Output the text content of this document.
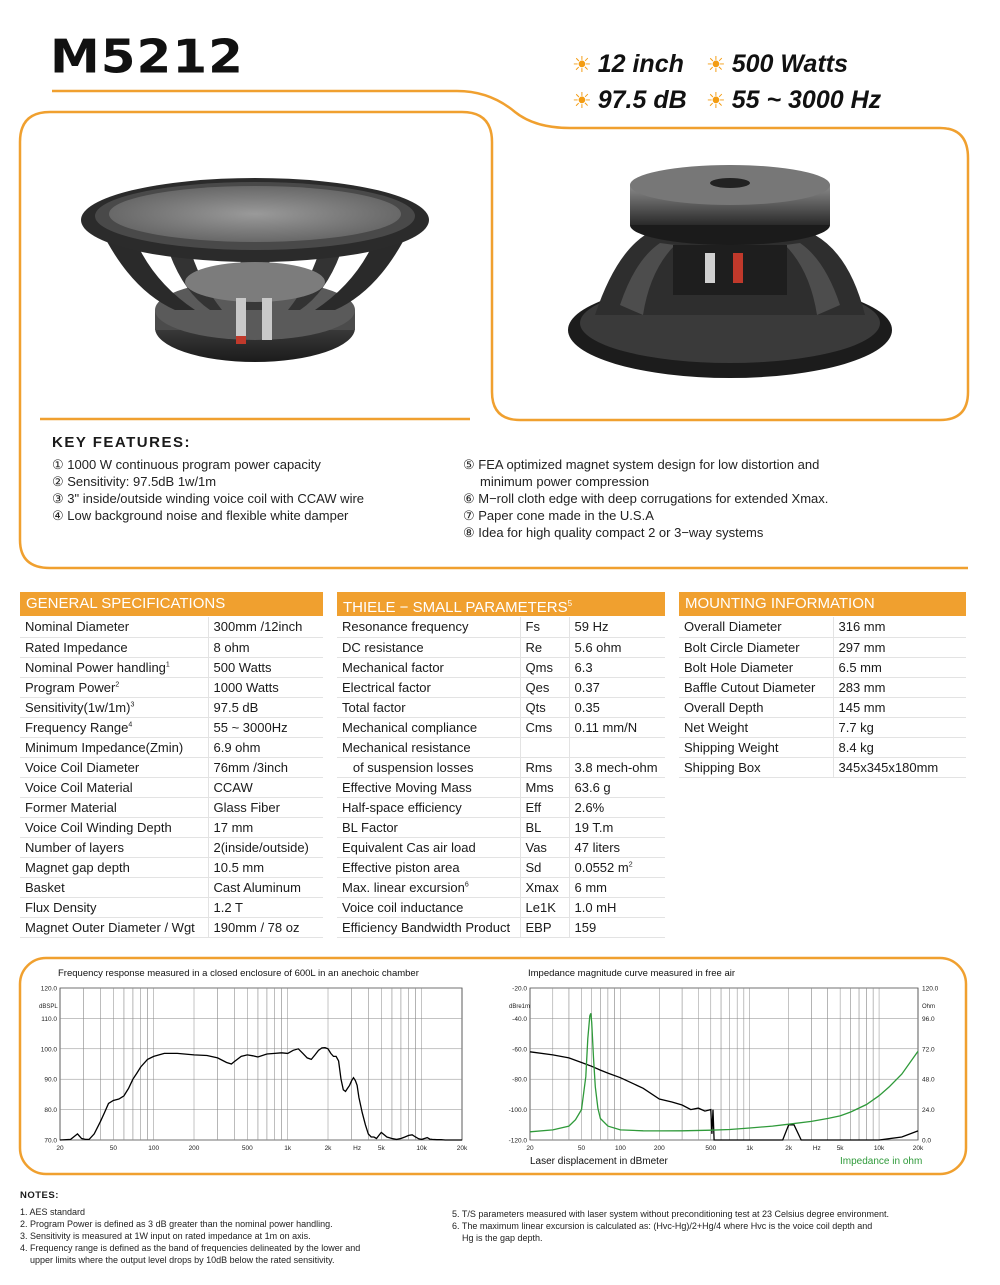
M5212	☀ 12 inch ☀ 500 Watts
☀ 97.5 dB ☀ 55 ~ 3000 Hz
KEY FEATURES:
① 1000 W continuous program power capacity
② Sensitivity: 97.5dB 1w/1m
③ 3" inside/outside winding voice coil with CCAW wire
④ Low background noise and flexible white damper
⑤ FEA optimized magnet system design for low distortion and
minimum power compression
⑥ M−roll cloth edge with deep corrugations for extended Xmax.
⑦ Paper cone made in the U.S.A
⑧ Idea for high quality compact 2 or 3−way systems
GENERAL SPECIFICATIONS	THIELE − SMALL PARAMETERS$^5$	MOUNTING INFORMATION
Nominal Diameter	300mm /12inch
Rated Impedance	8 ohm
Nominal Power handling$^1$	500 Watts
Program Power$^2$	1000 Watts
$Sensitivity(1w/1m)^3$	97.5 dB
Frequency Range$^4$	55 ~ 3000Hz
Minimum Impedance(Zmin)	6.9 ohm
Voice Coil Diameter	76mm /3inch
Voice Coil Material	CCAW
Former Material	Glass Fiber
Voice Coil Winding Depth	17 mm
Number of layers	2(inside/outside)
Magnet gap depth	10.5 mm
Basket	Cast Aluminum
Flux Density	1.2 T
Magnet Outer Diameter / Wgt	190mm / 78 oz
Resonance frequency	Fs	59 Hz
DC resistance	Re	5.6 ohm
Mechanical factor	Qms	6.3
Electrical factor	Qes	0.37
Total factor	Qts	0.35
Mechanical compliance	Cms	0.11 mm/N
Mechanical resistance		
of suspension losses	Rms	3.8 mech-ohm
Effective Moving Mass	Mms	63.6 g
Half-space efficiency	Eff	2.6%
BL Factor	BL	19 T.m
Equivalent Cas air load	Vas	47 liters
Effective piston area	Sd	0.0552 $m^2$
Max. linear excursion$^6$	Xmax	6 mm
Voice coil inductance	Le1K	1.0 mH
Efficiency Bandwidth Product	EBP	159
Overall Diameter	316 mm
Bolt Circle Diameter	297 mm
Bolt Hole Diameter	6.5 mm
Baffle Cutout Diameter	283 mm
Overall Depth	145 mm
Net Weight	7.7 kg
Shipping Weight	8.4 kg
Shipping Box	345x345x180mm
Frequency response measured in a closed enclosure of 600L in an anechoic chamber	Impedance magnitude curve measured in free air
120.0
110.0
100.0
90.0
80.0
70.0
dBSPL
20	50	100	200	500	1k	2k	5k	10k	20k
Hz
-20.0
-40.0
-60.0
-80.0
-100.0
-120.0
120.0
96.0
72.0
48.0
24.0
0.0
Ohm
dBre1m
20	50	100	200	500	1k	2k	5k	10k	20k
Hz
Laser displacement in dBmeter	Impedance in ohm
NOTES:
1. AES standard
2. Program Power is defined as 3 dB greater than the nominal power handling.
3. Sensitivity is measured at 1W input on rated impedance at 1m on axis.
4. Frequency range is defined as the band of frequencies delineated by the lower and
upper limits where the output level drops by 10dB below the rated sensitivity.
5. T/S parameters measured with laser system without preconditioning test at 23 Celsius degree environment.
6. The maximum linear excursion is calculated as: (Hvc-Hg)/2+Hg/4 where Hvc is the voice coil depth and
Hg is the gap depth.
